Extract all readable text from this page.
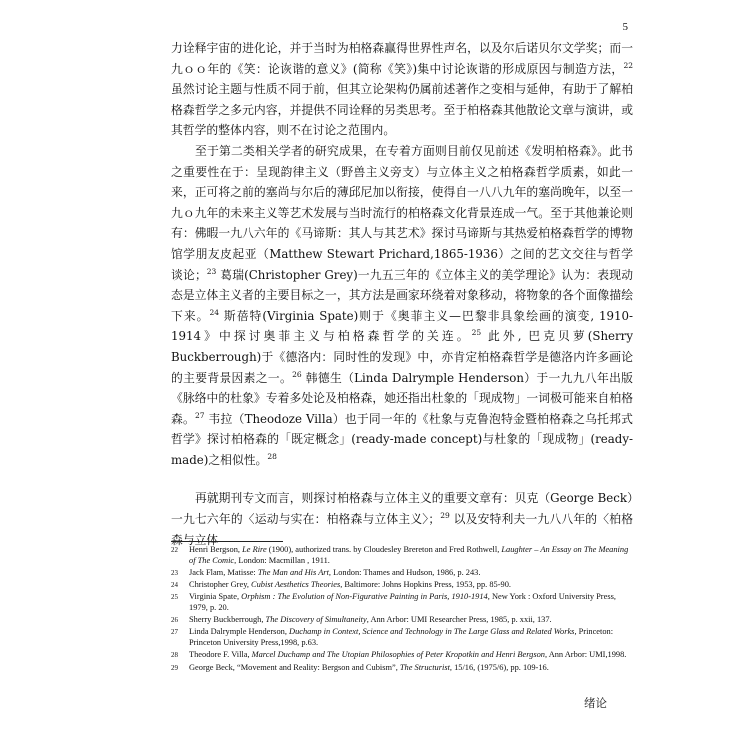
5

力诠释宇宙的进化论，并于当时为柏格森赢得世界性声名，以及尔后诺贝尔文学奖；而一九ｏｏ年的《笑：论诙谐的意义》(简称《笑》)集中讨论诙谐的形成原因与制造方法，$^{22}$ 虽然讨论主题与性质不同于前，但其立论架构仍属前述著作之变相与延伸，有助于了解柏格森哲学之多元内容，并提供不同诠释的另类思考。至于柏格森其他散论文章与演讲，或其哲学的整体内容，则不在讨论之范围内。

至于第二类相关学者的研究成果，在专着方面则目前仅见前述《发明柏格森》。此书之重要性在于：呈现韵律主义（野兽主义旁支）与立体主义之柏格森哲学质素，如此一来，正可将之前的塞尚与尔后的薄邱尼加以衔接，使得自一八八九年的塞尚晚年，以至一九ｏ九年的未来主义等艺术发展与当时流行的柏格森文化背景连成一气。至于其他兼论则有：佛暇一九八六年的《马谛斯：其人与其艺术》探讨马谛斯与其热爱柏格森哲学的博物馆学朋友皮起亚（Matthew Stewart Prichard,1865-1936）之间的艺文交往与哲学谈论；$^{23}$ 葛瑞(Christopher Grey)一九五三年的《立体主义的美学理论》认为：表现动态是立体主义者的主要目标之一，其方法是画家环绕着对象移动，将物象的各个面像描绘下来。$^{24}$ 斯蓓特(Virginia Spate)则于《奥菲主义—巴黎非具象绘画的演变, 1910-1914》中探讨奥菲主义与柏格森哲学的关连。$^{25}$ 此外, 巴克贝萝(Sherry Buckberrough)于《德洛内：同时性的发现》中，亦肯定柏格森哲学是德洛内许多画论的主要背景因素之一。$^{26}$ 韩德生（Linda Dalrymple Henderson）于一九九八年出版《脉络中的杜象》专着多处论及柏格森，她还指出杜象的「现成物」一词极可能来自柏格森。$^{27}$ 韦拉（Theodoze Villa）也于同一年的《杜象与克鲁泡特金暨柏格森之乌托邦式哲学》探讨柏格森的「既定概念」(ready-made concept)与杜象的「现成物」(ready-made)之相似性。$^{28}$

再就期刊专文而言，则探讨柏格森与立体主义的重要文章有：贝克（George Beck）一九七六年的〈运动与实在：柏格森与立体主义〉；$^{29}$ 以及安特利夫一九八八年的〈柏格森与立体

22	Henri Bergson, Le Rire (1900), authorized trans. by Cloudesley Brereton and Fred Rothwell, Laughter – An Essay on The Meaning of The Comic, London: Macmillan , 1911.
23	Jack Flam, Matisse: The Man and His Art, London: Thames and Hudson, 1986, p. 243.
24	Christopher Grey, Cubist Aesthetics Theories, Baltimore: Johns Hopkins Press, 1953, pp. 85-90.
25	Virginia Spate, Orphism : The Evolution of Non-Figurative Painting in Paris, 1910-1914, New York : Oxford University Press, 1979, p. 20.
26	Sherry Buckberrough, The Discovery of Simultaneity, Ann Arbor: UMI Researcher Press, 1985, p. xxii, 137.
27	Linda Dalrymple Henderson, Duchamp in Context, Science and Technology in The Large Glass and Related Works, Princeton: Princeton University Press,1998, p.63.
28	Theodore F. Villa, Marcel Duchamp and The Utopian Philosophies of Peter Kropotkin and Henri Bergson, Ann Arbor: UMI,1998.
29	George Beck, “Movement and Reality: Bergson and Cubism”, The Structurist, 15/16, (1975/6), pp. 109-16.
绪论
